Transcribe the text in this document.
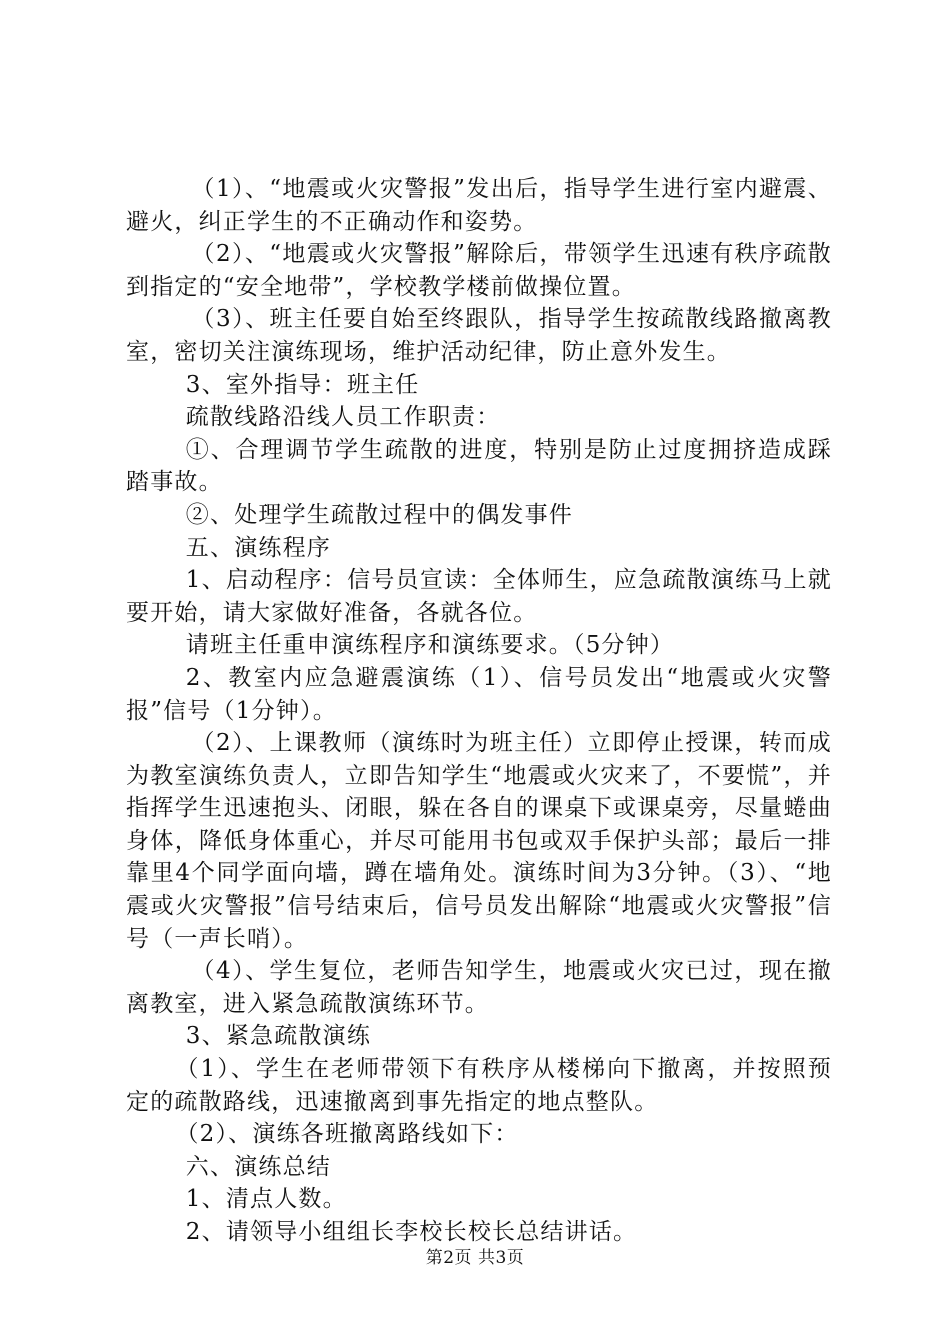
（1）、“地震或火灾警报”发出后，指导学生进行室内避震、避火，纠正学生的不正确动作和姿势。

（2）、“地震或火灾警报”解除后，带领学生迅速有秩序疏散到指定的“安全地带”，学校教学楼前做操位置。

（3）、班主任要自始至终跟队，指导学生按疏散线路撤离教室，密切关注演练现场，维护活动纪律，防止意外发生。

3、室外指导：班主任

疏散线路沿线人员工作职责：

①、合理调节学生疏散的进度，特别是防止过度拥挤造成踩踏事故。

②、处理学生疏散过程中的偶发事件

五、演练程序

1、启动程序：信号员宣读：全体师生，应急疏散演练马上就要开始，请大家做好准备，各就各位。

请班主任重申演练程序和演练要求。（5分钟）

2、教室内应急避震演练（1）、信号员发出“地震或火灾警报”信号（1分钟）。

（2）、上课教师（演练时为班主任）立即停止授课，转而成为教室演练负责人，立即告知学生“地震或火灾来了，不要慌”，并指挥学生迅速抱头、闭眼，躲在各自的课桌下或课桌旁，尽量蜷曲身体，降低身体重心，并尽可能用书包或双手保护头部；最后一排靠里4个同学面向墙，蹲在墙角处。演练时间为3分钟。（3）、“地震或火灾警报”信号结束后，信号员发出解除“地震或火灾警报”信号（一声长哨）。

（4）、学生复位，老师告知学生，地震或火灾已过，现在撤离教室，进入紧急疏散演练环节。

3、紧急疏散演练

（1）、学生在老师带领下有秩序从楼梯向下撤离，并按照预定的疏散路线，迅速撤离到事先指定的地点整队。

（2）、演练各班撤离路线如下：

六、演练总结

1、清点人数。

2、请领导小组组长李校长校长总结讲话。

第2页 共3页
